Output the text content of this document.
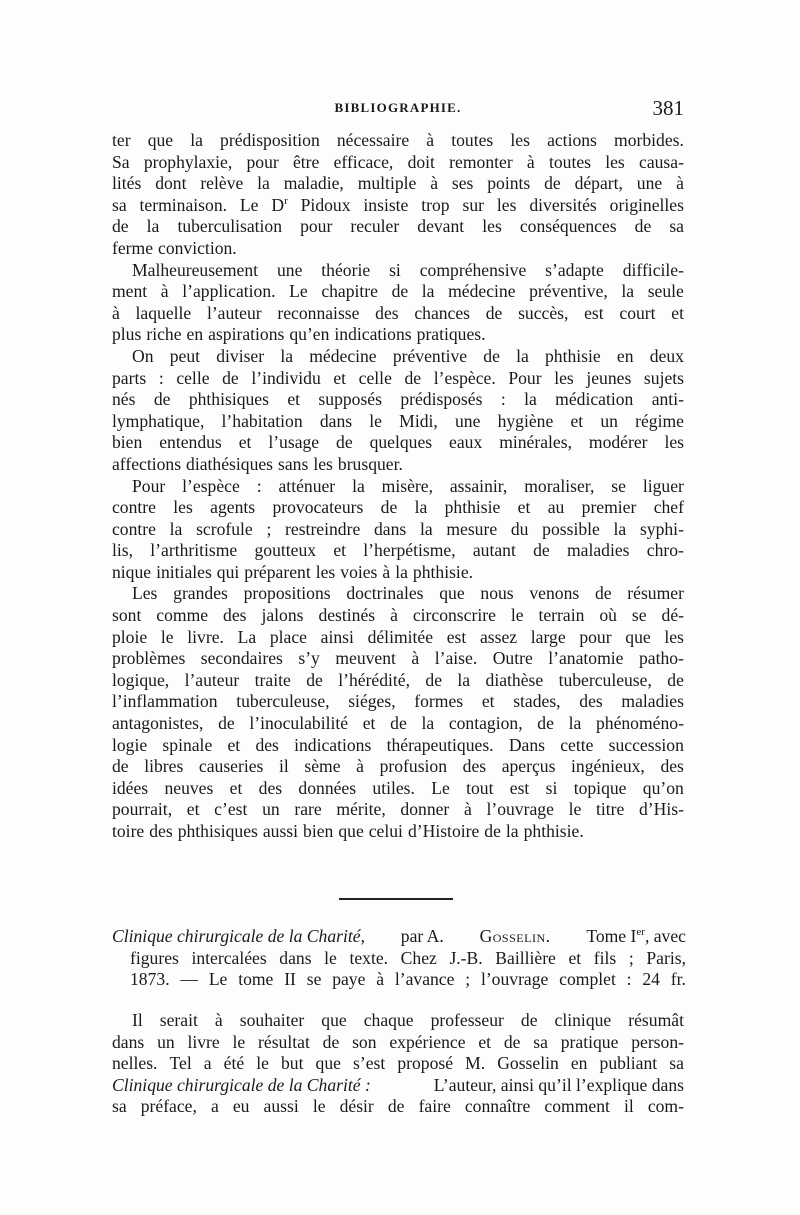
BIBLIOGRAPHIE.	381
ter que la prédisposition nécessaire à toutes les actions morbides.
Sa prophylaxie, pour être efficace, doit remonter à toutes les causa-
lités dont relève la maladie, multiple à ses points de départ, une à
sa terminaison. Le $D^r$ Pidoux insiste trop sur les diversités originelles
de la tuberculisation pour reculer devant les conséquences de sa
ferme conviction.
Malheureusement une théorie si compréhensive s’adapte difficile-
ment à l’application. Le chapitre de la médecine préventive, la seule
à laquelle l’auteur reconnaisse des chances de succès, est court et
plus riche en aspirations qu’en indications pratiques.
On peut diviser la médecine préventive de la phthisie en deux
parts : celle de l’individu et celle de l’espèce. Pour les jeunes sujets
nés de phthisiques et supposés prédisposés : la médication anti-
lymphatique, l’habitation dans le Midi, une hygiène et un régime
bien entendus et l’usage de quelques eaux minérales, modérer les
affections diathésiques sans les brusquer.
Pour l’espèce : atténuer la misère, assainir, moraliser, se liguer
contre les agents provocateurs de la phthisie et au premier chef
contre la scrofule ; restreindre dans la mesure du possible la syphi-
lis, l’arthritisme goutteux et l’herpétisme, autant de maladies chro-
nique initiales qui préparent les voies à la phthisie.
Les grandes propositions doctrinales que nous venons de résumer
sont comme des jalons destinés à circonscrire le terrain où se dé-
ploie le livre. La place ainsi délimitée est assez large pour que les
problèmes secondaires s’y meuvent à l’aise. Outre l’anatomie patho-
logique, l’auteur traite de l’hérédité, de la diathèse tuberculeuse, de
l’inflammation tuberculeuse, siéges, formes et stades, des maladies
antagonistes, de l’inoculabilité et de la contagion, de la phénoméno-
logie spinale et des indications thérapeutiques. Dans cette succession
de libres causeries il sème à profusion des aperçus ingénieux, des
idées neuves et des données utiles. Le tout est si topique qu’on
pourrait, et c’est un rare mérite, donner à l’ouvrage le titre d’His-
toire des phthisiques aussi bien que celui d’Histoire de la phthisie.
Clinique chirurgicale de la Charité, par A. Gosselin. Tome Ier, avec
figures intercalées dans le texte. Chez J.-B. Baillière et fils ; Paris,
1873. — Le tome II se paye à l’avance ; l’ouvrage complet : 24 fr.
Il serait à souhaiter que chaque professeur de clinique résumât
dans un livre le résultat de son expérience et de sa pratique person-
nelles. Tel a été le but que s’est proposé M. Gosselin en publiant sa
Clinique chirurgicale de la Charité :	L’auteur, ainsi qu’il l’explique dans
sa préface, a eu aussi le désir de faire connaître comment il com-
